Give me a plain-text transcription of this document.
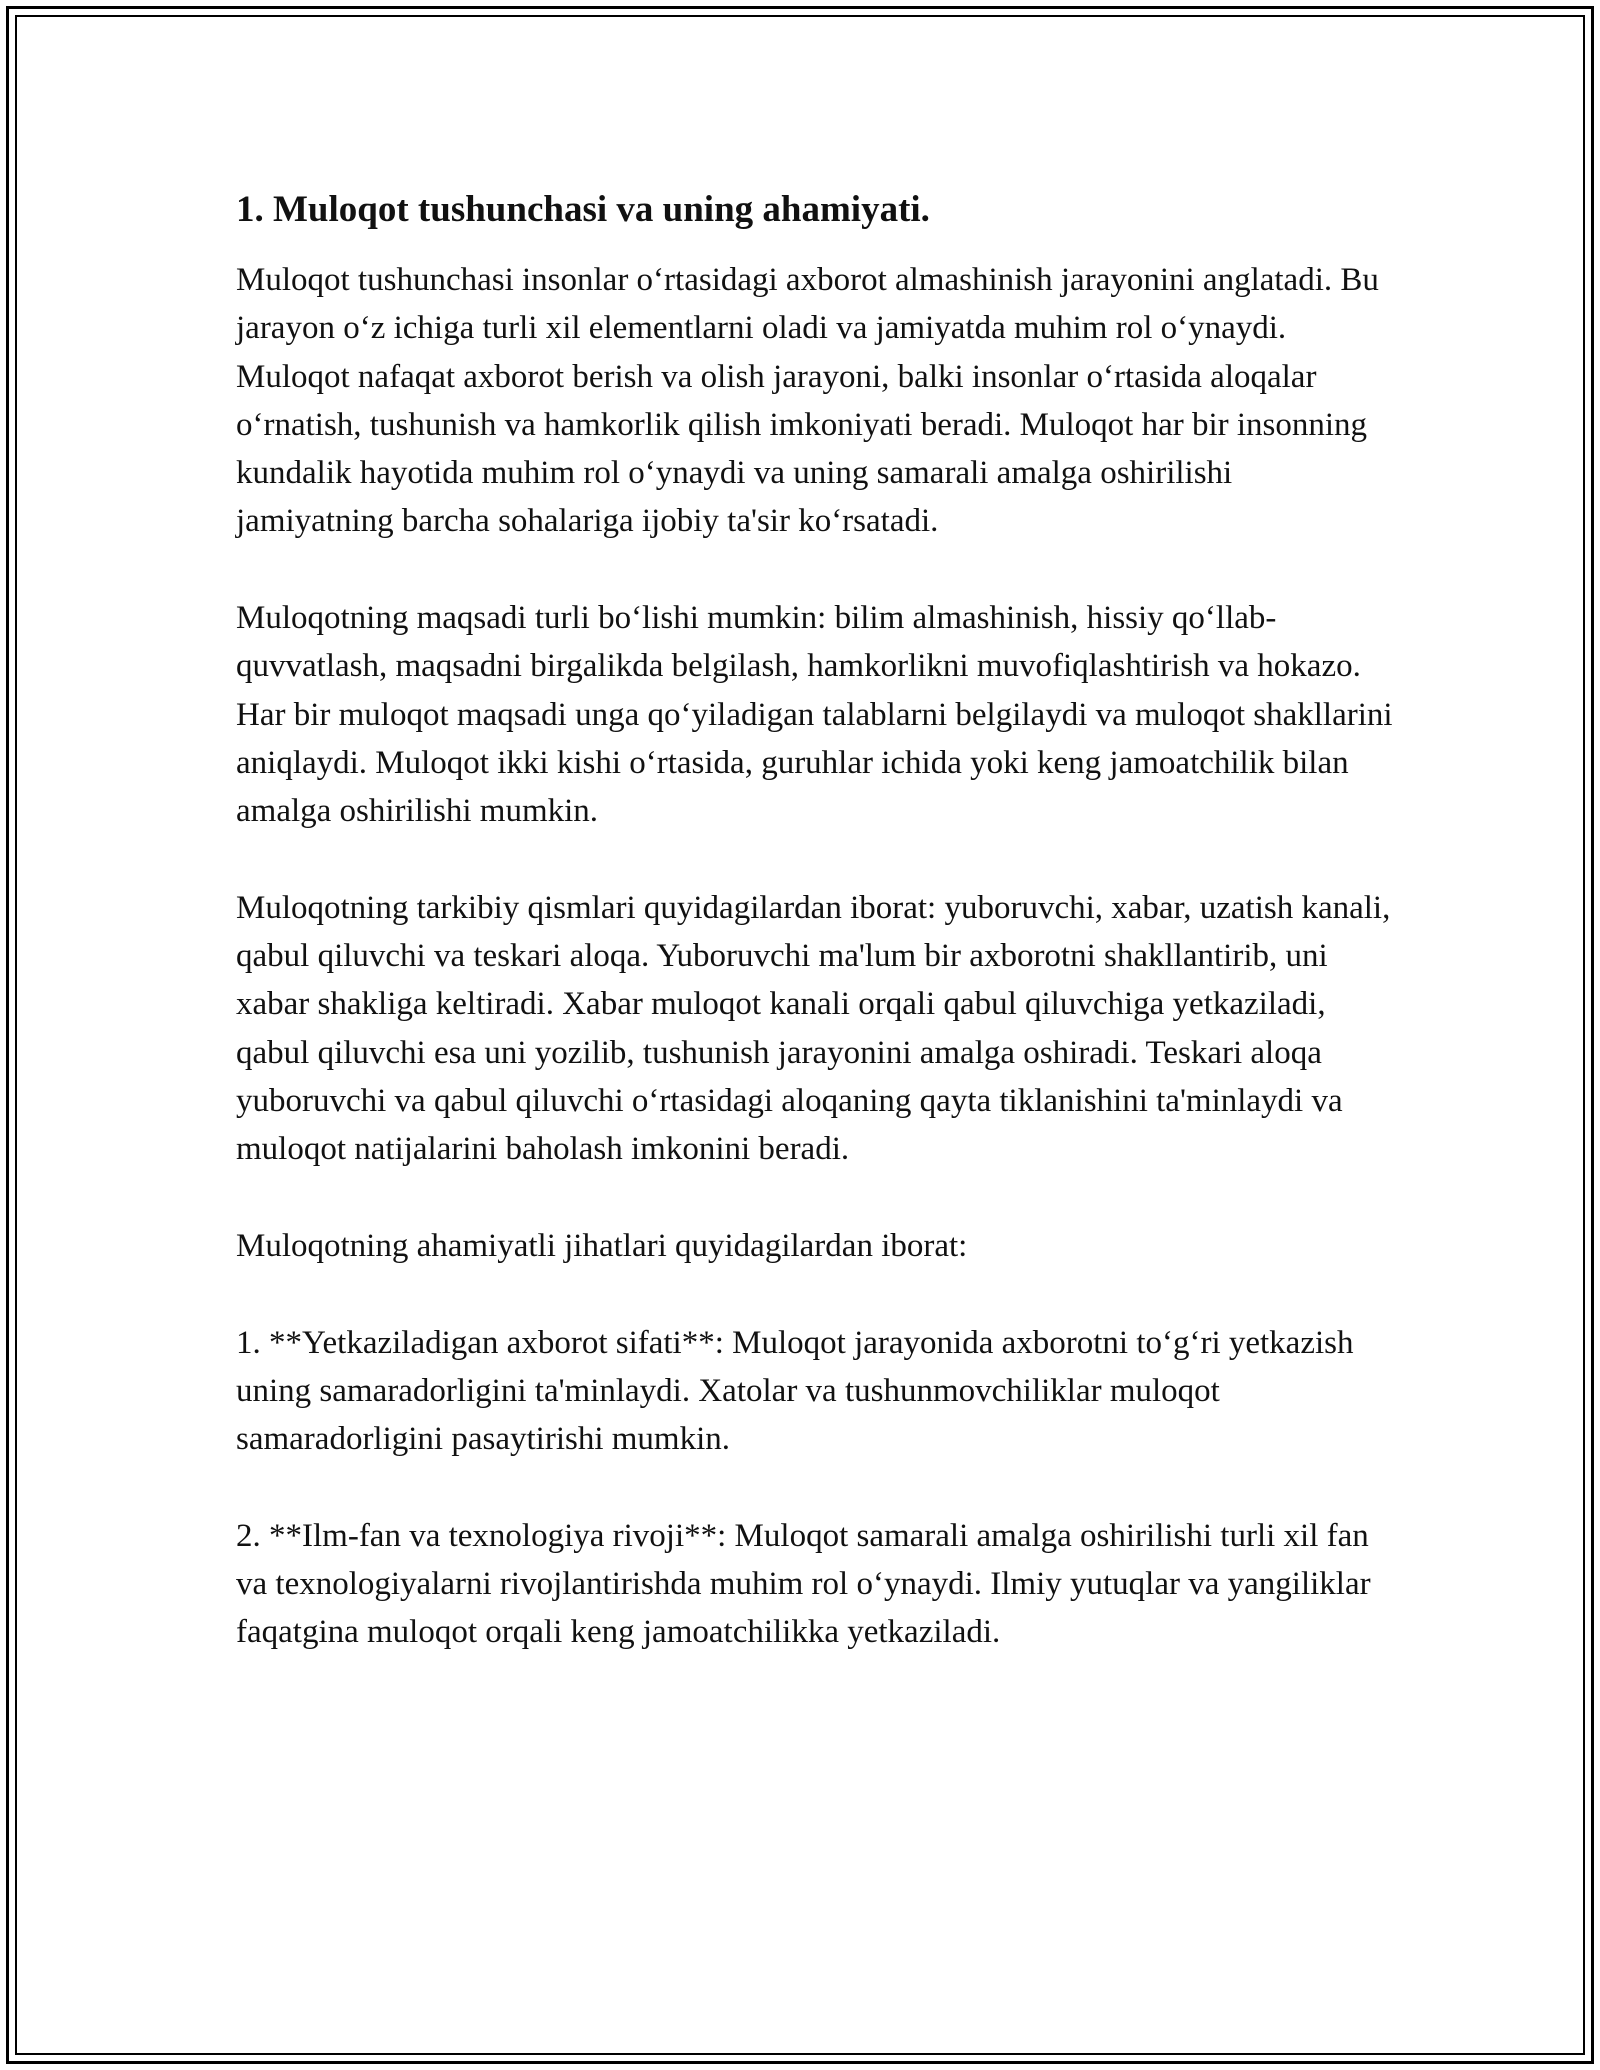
1. Muloqot tushunchasi va uning ahamiyati.

Muloqot tushunchasi insonlar o‘rtasidagi axborot almashinish jarayonini anglatadi. Bu jarayon o‘z ichiga turli xil elementlarni oladi va jamiyatda muhim rol o‘ynaydi. Muloqot nafaqat axborot berish va olish jarayoni, balki insonlar o‘rtasida aloqalar o‘rnatish, tushunish va hamkorlik qilish imkoniyati beradi. Muloqot har bir insonning kundalik hayotida muhim rol o‘ynaydi va uning samarali amalga oshirilishi jamiyatning barcha sohalariga ijobiy ta'sir ko‘rsatadi.

Muloqotning maqsadi turli bo‘lishi mumkin: bilim almashinish, hissiy qo‘llab-quvvatlash, maqsadni birgalikda belgilash, hamkorlikni muvofiqlashtirish va hokazo. Har bir muloqot maqsadi unga qo‘yiladigan talablarni belgilaydi va muloqot shakllarini aniqlaydi. Muloqot ikki kishi o‘rtasida, guruhlar ichida yoki keng jamoatchilik bilan amalga oshirilishi mumkin.

Muloqotning tarkibiy qismlari quyidagilardan iborat: yuboruvchi, xabar, uzatish kanali, qabul qiluvchi va teskari aloqa. Yuboruvchi ma'lum bir axborotni shakllantirib, uni xabar shakliga keltiradi. Xabar muloqot kanali orqali qabul qiluvchiga yetkaziladi, qabul qiluvchi esa uni yozilib, tushunish jarayonini amalga oshiradi. Teskari aloqa yuboruvchi va qabul qiluvchi o‘rtasidagi aloqaning qayta tiklanishini ta'minlaydi va muloqot natijalarini baholash imkonini beradi.

Muloqotning ahamiyatli jihatlari quyidagilardan iborat:

1. **Yetkaziladigan axborot sifati**: Muloqot jarayonida axborotni to‘g‘ri yetkazish uning samaradorligini ta'minlaydi. Xatolar va tushunmovchiliklar muloqot samaradorligini pasaytirishi mumkin.

2. **Ilm-fan va texnologiya rivoji**: Muloqot samarali amalga oshirilishi turli xil fan va texnologiyalarni rivojlantirishda muhim rol o‘ynaydi. Ilmiy yutuqlar va yangiliklar faqatgina muloqot orqali keng jamoatchilikka yetkaziladi.
